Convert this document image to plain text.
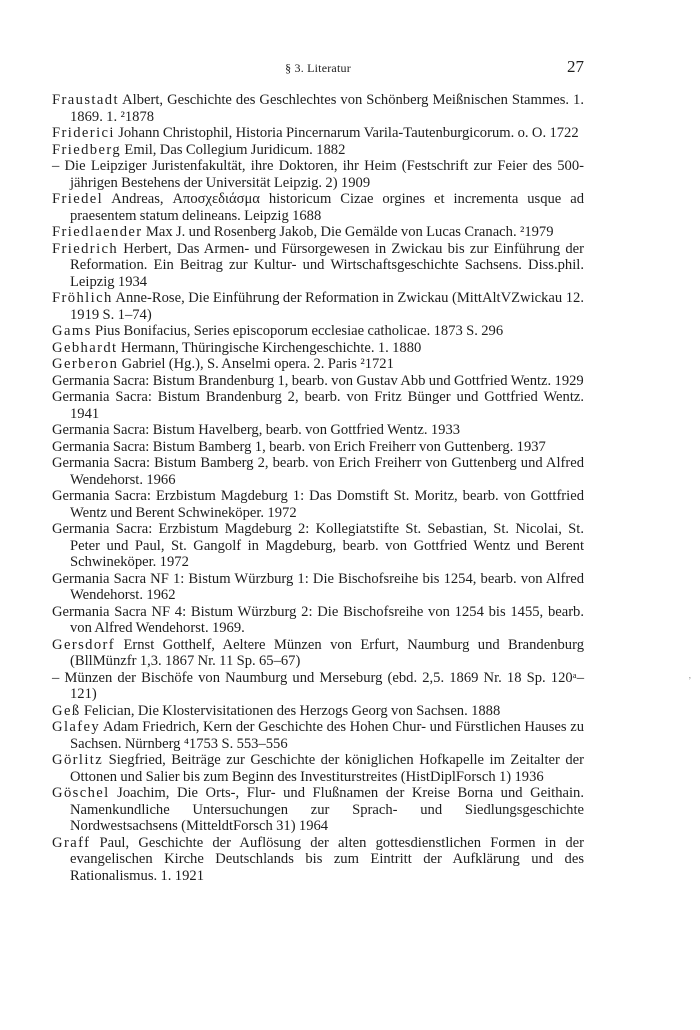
§ 3. Literatur	27
Fraustadt Albert, Geschichte des Geschlechtes von Schönberg Meißnischen Stammes. 1. 1869. 1. ²1878
Friderici Johann Christophil, Historia Pincernarum Varila-Tautenburgicorum. o. O. 1722
Friedberg Emil, Das Collegium Juridicum. 1882
– Die Leipziger Juristenfakultät, ihre Doktoren, ihr Heim (Festschrift zur Feier des 500-jährigen Bestehens der Universität Leipzig. 2) 1909
Friedel Andreas, Αποσχεδιάσμα historicum Cizae orgines et incrementa usque ad praesentem statum delineans. Leipzig 1688
Friedlaender Max J. und Rosenberg Jakob, Die Gemälde von Lucas Cranach. ²1979
Friedrich Herbert, Das Armen- und Fürsorgewesen in Zwickau bis zur Einführung der Reformation. Ein Beitrag zur Kultur- und Wirtschaftsgeschichte Sachsens. Diss.phil. Leipzig 1934
Fröhlich Anne-Rose, Die Einführung der Reformation in Zwickau (MittAltVZwickau 12. 1919 S. 1–74)
Gams Pius Bonifacius, Series episcoporum ecclesiae catholicae. 1873 S. 296
Gebhardt Hermann, Thüringische Kirchengeschichte. 1. 1880
Gerberon Gabriel (Hg.), S. Anselmi opera. 2. Paris ²1721
Germania Sacra: Bistum Brandenburg 1, bearb. von Gustav Abb und Gottfried Wentz. 1929
Germania Sacra: Bistum Brandenburg 2, bearb. von Fritz Bünger und Gottfried Wentz. 1941
Germania Sacra: Bistum Havelberg, bearb. von Gottfried Wentz. 1933
Germania Sacra: Bistum Bamberg 1, bearb. von Erich Freiherr von Guttenberg. 1937
Germania Sacra: Bistum Bamberg 2, bearb. von Erich Freiherr von Guttenberg und Alfred Wendehorst. 1966
Germania Sacra: Erzbistum Magdeburg 1: Das Domstift St. Moritz, bearb. von Gottfried Wentz und Berent Schwineköper. 1972
Germania Sacra: Erzbistum Magdeburg 2: Kollegiatstifte St. Sebastian, St. Nicolai, St. Peter und Paul, St. Gangolf in Magdeburg, bearb. von Gottfried Wentz und Berent Schwineköper. 1972
Germania Sacra NF 1: Bistum Würzburg 1: Die Bischofsreihe bis 1254, bearb. von Alfred Wendehorst. 1962
Germania Sacra NF 4: Bistum Würzburg 2: Die Bischofsreihe von 1254 bis 1455, bearb. von Alfred Wendehorst. 1969.
Gersdorf Ernst Gotthelf, Aeltere Münzen von Erfurt, Naumburg und Brandenburg (BllMünzfr 1,3. 1867 Nr. 11 Sp. 65–67)
– Münzen der Bischöfe von Naumburg und Merseburg (ebd. 2,5. 1869 Nr. 18 Sp. 120ᵃ–121)
Geß Felician, Die Klostervisitationen des Herzogs Georg von Sachsen. 1888
Glafey Adam Friedrich, Kern der Geschichte des Hohen Chur- und Fürstlichen Hauses zu Sachsen. Nürnberg ⁴1753 S. 553–556
Görlitz Siegfried, Beiträge zur Geschichte der königlichen Hofkapelle im Zeitalter der Ottonen und Salier bis zum Beginn des Investiturstreites (HistDiplForsch 1) 1936
Göschel Joachim, Die Orts-, Flur- und Flußnamen der Kreise Borna und Geithain. Namenkundliche Untersuchungen zur Sprach- und Siedlungsgeschichte Nordwestsachsens (MitteldtForsch 31) 1964
Graff Paul, Geschichte der Auflösung der alten gottesdienstlichen Formen in der evangelischen Kirche Deutschlands bis zum Eintritt der Aufklärung und des Rationalismus. 1. 1921
,
